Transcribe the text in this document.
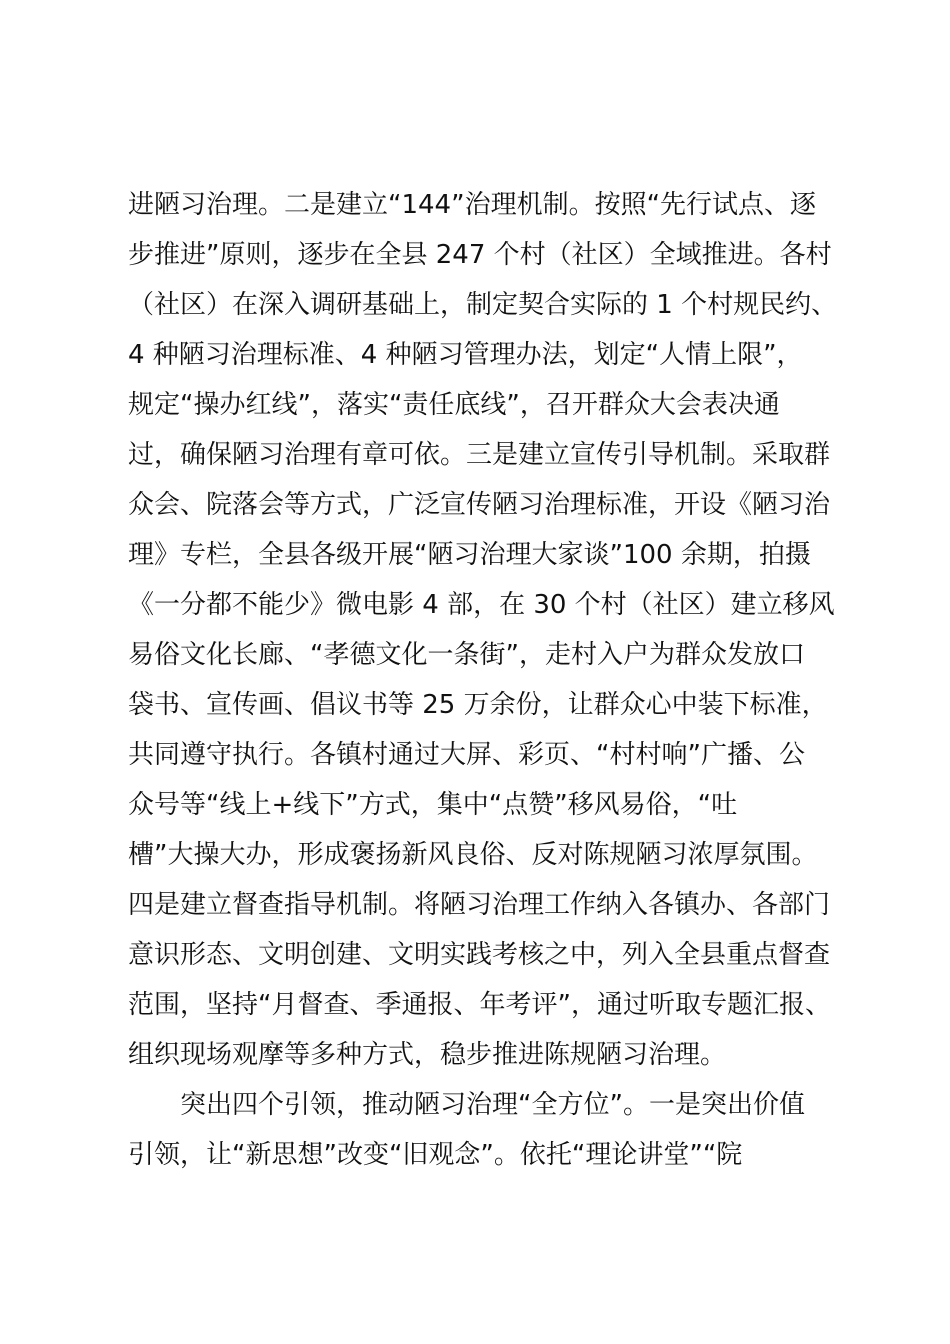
进陋习治理。二是建立“144”治理机制。按照“先行试点、逐
步推进”原则，逐步在全县 247 个村（社区）全域推进。各村
（社区）在深入调研基础上，制定契合实际的 1 个村规民约、
4 种陋习治理标准、4 种陋习管理办法，划定“人情上限”，
规定“操办红线”，落实“责任底线”，召开群众大会表决通
过，确保陋习治理有章可依。三是建立宣传引导机制。采取群
众会、院落会等方式，广泛宣传陋习治理标准，开设《陋习治
理》专栏，全县各级开展“陋习治理大家谈”100 余期，拍摄
《一分都不能少》微电影 4 部，在 30 个村（社区）建立移风
易俗文化长廊、“孝德文化一条街”，走村入户为群众发放口
袋书、宣传画、倡议书等 25 万余份，让群众心中装下标准，
共同遵守执行。各镇村通过大屏、彩页、“村村响”广播、公
众号等“线上+线下”方式，集中“点赞”移风易俗，“吐
槽”大操大办，形成褒扬新风良俗、反对陈规陋习浓厚氛围。
四是建立督查指导机制。将陋习治理工作纳入各镇办、各部门
意识形态、文明创建、文明实践考核之中，列入全县重点督查
范围，坚持“月督查、季通报、年考评”，通过听取专题汇报、
组织现场观摩等多种方式，稳步推进陈规陋习治理。
突出四个引领，推动陋习治理“全方位”。一是突出价值
引领，让“新思想”改变“旧观念”。依托“理论讲堂”“院
